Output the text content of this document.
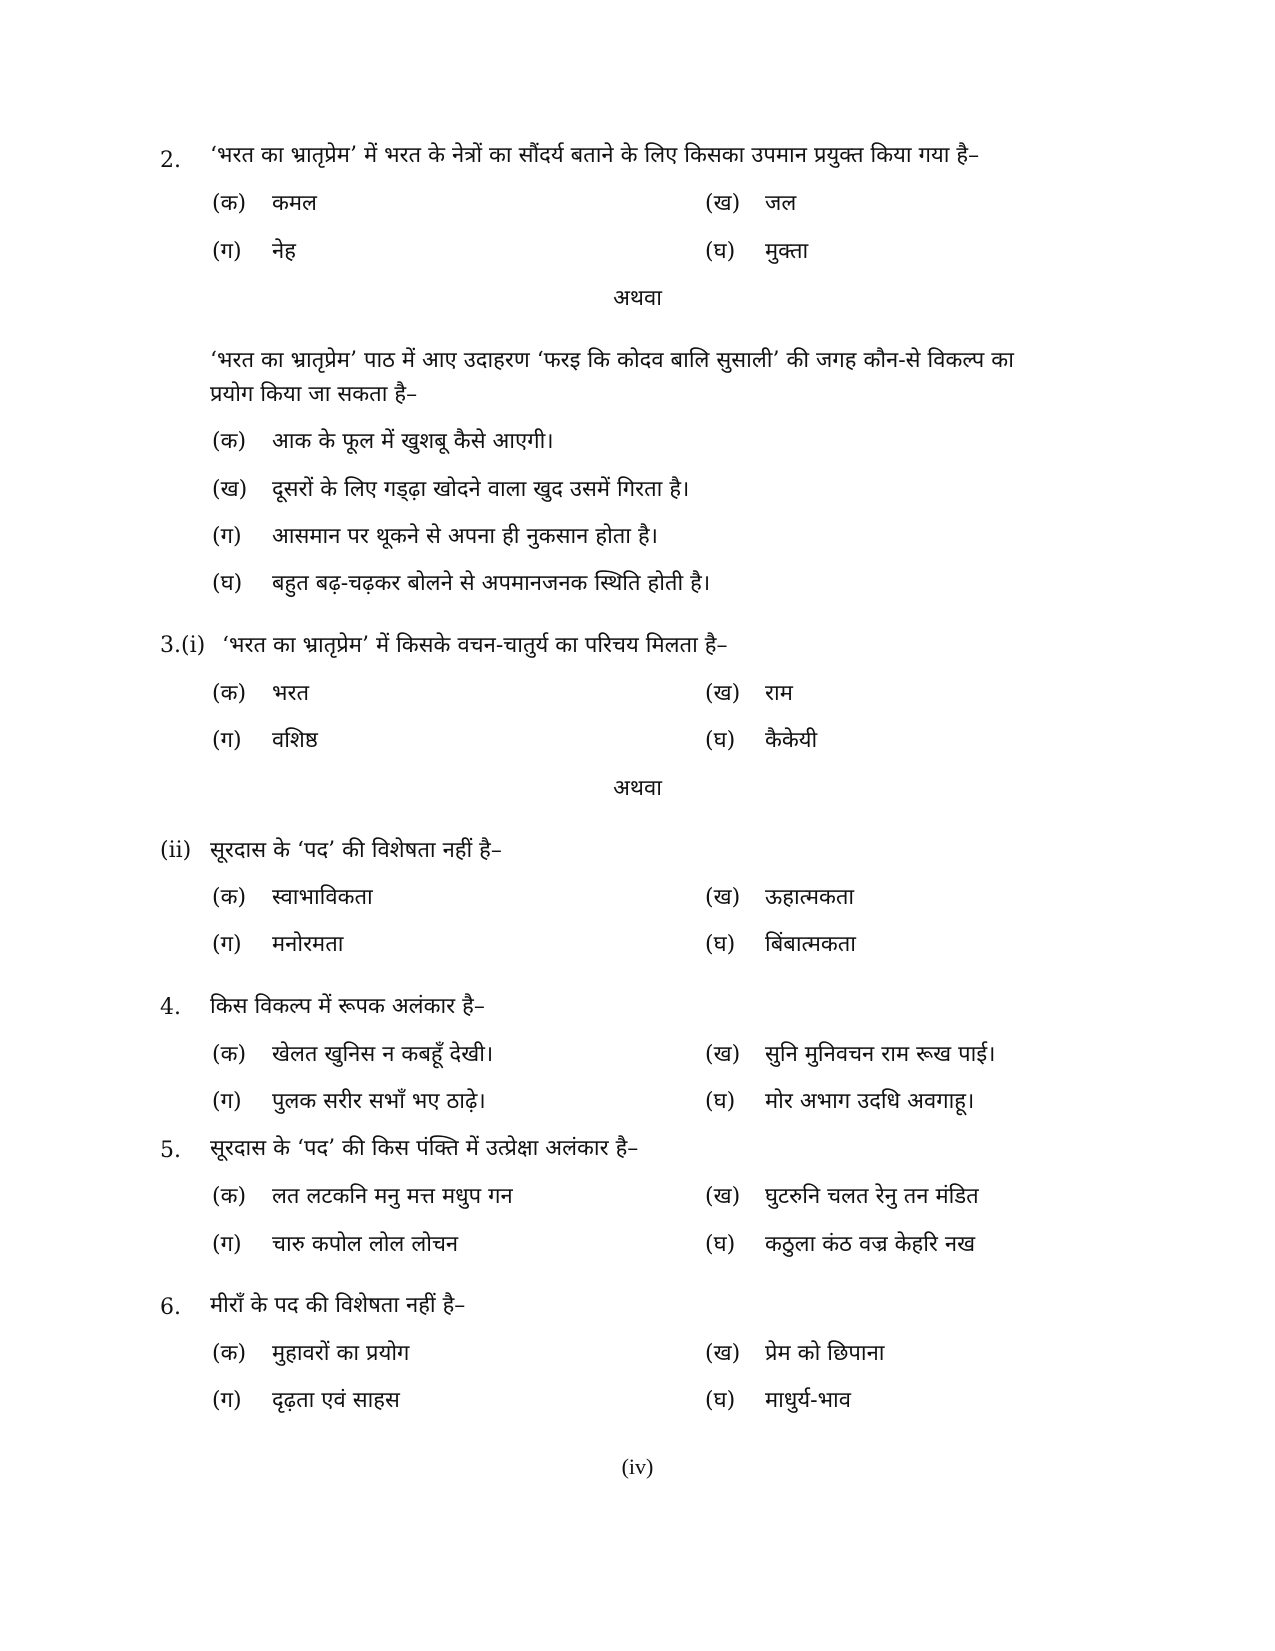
2. ‘भरत का भ्रातृप्रेम’ में भरत के नेत्रों का सौंदर्य बताने के लिए किसका उपमान प्रयुक्त किया गया है–
(क) कमल	(ख) जल
(ग) नेह	(घ) मुक्ता
अथवा
‘भरत का भ्रातृप्रेम’ पाठ में आए उदाहरण ‘फरइ कि कोदव बालि सुसाली’ की जगह कौन-से विकल्प का
प्रयोग किया जा सकता है–
(क) आक के फूल में खुशबू कैसे आएगी।
(ख) दूसरों के लिए गड्ढ़ा खोदने वाला खुद उसमें गिरता है।
(ग) आसमान पर थूकने से अपना ही नुकसान होता है।
(घ) बहुत बढ़-चढ़कर बोलने से अपमानजनक स्थिति होती है।
3.(i) ‘भरत का भ्रातृप्रेम’ में किसके वचन-चातुर्य का परिचय मिलता है–
(क) भरत	(ख) राम
(ग) वशिष्ठ	(घ) कैकेयी
अथवा
(ii) सूरदास के ‘पद’ की विशेषता नहीं है–
(क) स्वाभाविकता	(ख) ऊहात्मकता
(ग) मनोरमता	(घ) बिंबात्मकता
4. किस विकल्प में रूपक अलंकार है–
(क) खेलत खुनिस न कबहूँ देखी।	(ख) सुनि मुनिवचन राम रूख पाई।
(ग) पुलक सरीर सभाँ भए ठाढ़े।	(घ) मोर अभाग उदधि अवगाहू।
5. सूरदास के ‘पद’ की किस पंक्ति में उत्प्रेक्षा अलंकार है–
(क) लत लटकनि मनु मत्त मधुप गन	(ख) घुटरुनि चलत रेनु तन मंडित
(ग) चारु कपोल लोल लोचन	(घ) कठुला कंठ वज्र केहरि नख
6. मीराँ के पद की विशेषता नहीं है–
(क) मुहावरों का प्रयोग	(ख) प्रेम को छिपाना
(ग) दृढ़ता एवं साहस	(घ) माधुर्य-भाव
(iv)
